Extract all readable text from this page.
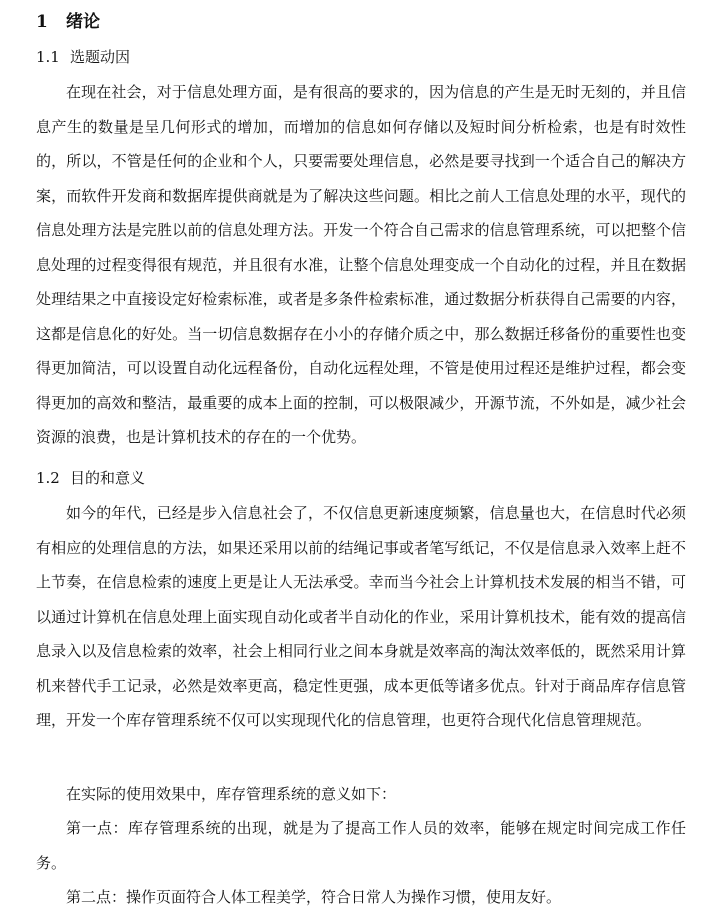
1 绪论
1.1 选题动因

在现在社会，对于信息处理方面，是有很高的要求的，因为信息的产生是无时无刻的，并且信息产生的数量是呈几何形式的增加，而增加的信息如何存储以及短时间分析检索，也是有时效性的，所以，不管是任何的企业和个人，只要需要处理信息，必然是要寻找到一个适合自己的解决方案，而软件开发商和数据库提供商就是为了解决这些问题。相比之前人工信息处理的水平，现代的信息处理方法是完胜以前的信息处理方法。开发一个符合自己需求的信息管理系统，可以把整个信息处理的过程变得很有规范，并且很有水准，让整个信息处理变成一个自动化的过程，并且在数据处理结果之中直接设定好检索标准，或者是多条件检索标准，通过数据分析获得自己需要的内容，这都是信息化的好处。当一切信息数据存在小小的存储介质之中，那么数据迁移备份的重要性也变得更加简洁，可以设置自动化远程备份，自动化远程处理，不管是使用过程还是维护过程，都会变得更加的高效和整洁，最重要的成本上面的控制，可以极限减少，开源节流，不外如是，减少社会资源的浪费，也是计算机技术的存在的一个优势。

1.2 目的和意义

如今的年代，已经是步入信息社会了，不仅信息更新速度频繁，信息量也大，在信息时代必须有相应的处理信息的方法，如果还采用以前的结绳记事或者笔写纸记，不仅是信息录入效率上赶不上节奏，在信息检索的速度上更是让人无法承受。幸而当今社会上计算机技术发展的相当不错，可以通过计算机在信息处理上面实现自动化或者半自动化的作业，采用计算机技术，能有效的提高信息录入以及信息检索的效率，社会上相同行业之间本身就是效率高的淘汰效率低的，既然采用计算机来替代手工记录，必然是效率更高，稳定性更强，成本更低等诸多优点。针对于商品库存信息管理，开发一个库存管理系统不仅可以实现现代化的信息管理，也更符合现代化信息管理规范。

在实际的使用效果中，库存管理系统的意义如下：

第一点：库存管理系统的出现，就是为了提高工作人员的效率，能够在规定时间完成工作任务。

第二点：操作页面符合人体工程美学，符合日常人为操作习惯，使用友好。
